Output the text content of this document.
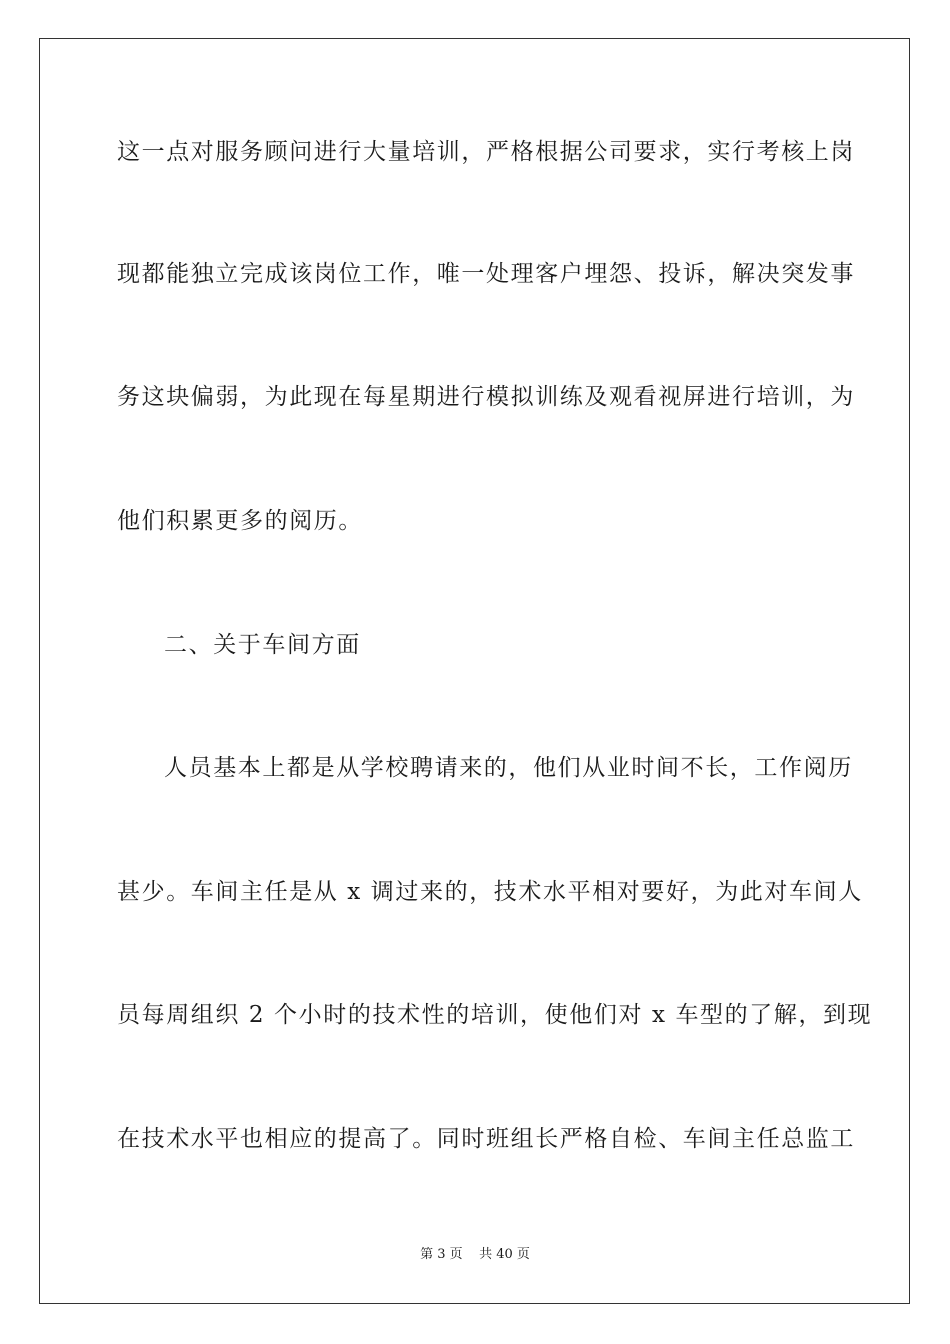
这一点对服务顾问进行大量培训，严格根据公司要求，实行考核上岗
现都能独立完成该岗位工作，唯一处理客户埋怨、投诉，解决突发事
务这块偏弱，为此现在每星期进行模拟训练及观看视屏进行培训，为
他们积累更多的阅历。
二、关于车间方面
人员基本上都是从学校聘请来的，他们从业时间不长，工作阅历
甚少。车间主任是从 x 调过来的，技术水平相对要好，为此对车间人
员每周组织 2 个小时的技术性的培训，使他们对 x 车型的了解，到现
在技术水平也相应的提高了。同时班组长严格自检、车间主任总监工
第 3 页    共 40 页
